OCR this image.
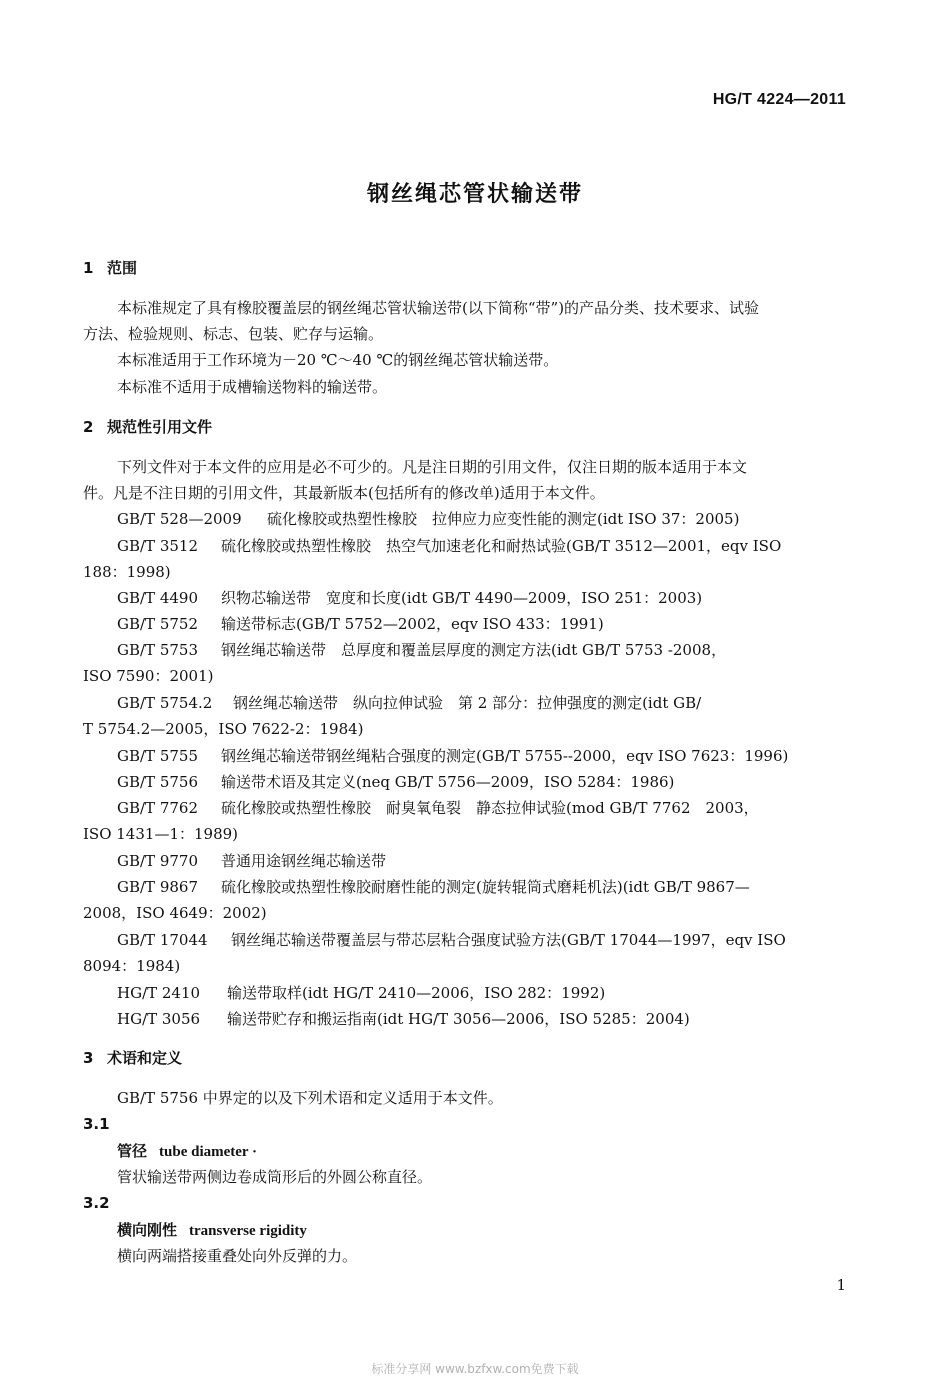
HG/T 4224—2011
钢丝绳芯管状输送带
1 范围
本标准规定了具有橡胶覆盖层的钢丝绳芯管状输送带(以下简称“带”)的产品分类、技术要求、试验
方法、检验规则、标志、包装、贮存与运输。
本标准适用于工作环境为－20 ℃～40 ℃的钢丝绳芯管状输送带。
本标准不适用于成槽输送物料的输送带。
2 规范性引用文件
下列文件对于本文件的应用是必不可少的。凡是注日期的引用文件，仅注日期的版本适用于本文
件。凡是不注日期的引用文件，其最新版本(包括所有的修改单)适用于本文件。
GB/T 528—2009 硫化橡胶或热塑性橡胶　拉伸应力应变性能的测定(idt ISO 37：2005)
GB/T 3512 硫化橡胶或热塑性橡胶　热空气加速老化和耐热试验(GB/T 3512—2001，eqv ISO
188：1998)
GB/T 4490 织物芯输送带　宽度和长度(idt GB/T 4490—2009，ISO 251：2003)
GB/T 5752 输送带标志(GB/T 5752—2002，eqv ISO 433：1991)
GB/T 5753 钢丝绳芯输送带　总厚度和覆盖层厚度的测定方法(idt GB/T 5753 -2008，
ISO 7590：2001)
GB/T 5754.2 钢丝绳芯输送带　纵向拉伸试验　第 2 部分：拉伸强度的测定(idt GB/
T 5754.2—2005，ISO 7622-2：1984)
GB/T 5755 钢丝绳芯输送带钢丝绳粘合强度的测定(GB/T 5755--2000，eqv ISO 7623：1996)
GB/T 5756 输送带术语及其定义(neq GB/T 5756—2009，ISO 5284：1986)
GB/T 7762 硫化橡胶或热塑性橡胶　耐臭氧龟裂　静态拉伸试验(mod GB/T 7762　2003，
ISO 1431—1：1989)
GB/T 9770 普通用途钢丝绳芯输送带
GB/T 9867 硫化橡胶或热塑性橡胶耐磨性能的测定(旋转辊筒式磨耗机法)(idt GB/T 9867—
2008，ISO 4649：2002)
GB/T 17044 钢丝绳芯输送带覆盖层与带芯层粘合强度试验方法(GB/T 17044—1997，eqv ISO
8094：1984)
HG/T 2410 输送带取样(idt HG/T 2410—2006，ISO 282：1992)
HG/T 3056 输送带贮存和搬运指南(idt HG/T 3056—2006，ISO 5285：2004)
3 术语和定义
GB/T 5756 中界定的以及下列术语和定义适用于本文件。
3.1
管径 tube diameter ·
管状输送带两侧边卷成筒形后的外圆公称直径。
3.2
横向刚性 transverse rigidity
横向两端搭接重叠处向外反弹的力。
1
标准分享网 www.bzfxw.com免费下载
